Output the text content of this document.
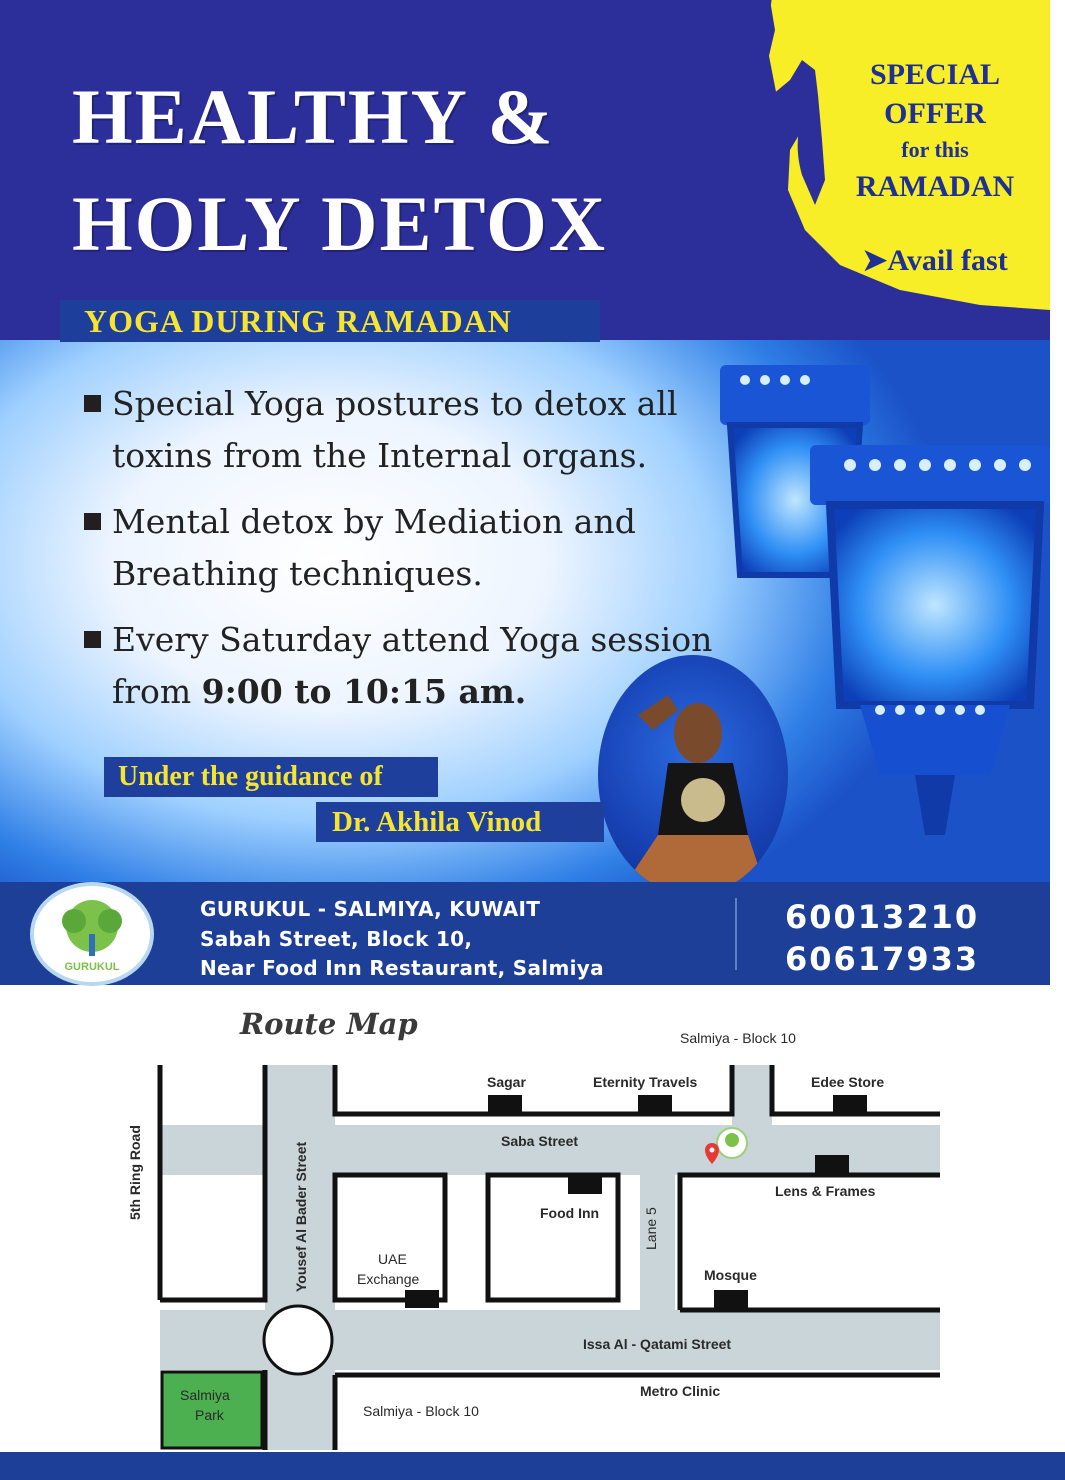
HEALTHY &
HOLY DETOX
SPECIAL
OFFER
for this
RAMADAN
➤Avail fast
YOGA DURING RAMADAN
Special Yoga postures to detox all
toxins from the Internal organs.
Mental detox by Mediation and
Breathing techniques.
Every Saturday attend Yoga session
from 9:00 to 10:15 am.
Under the guidance of
Dr. Akhila Vinod
GURUKUL
GURUKUL - SALMIYA, KUWAIT
Sabah Street, Block 10,
Near Food Inn Restaurant, Salmiya
60013210
60617933
Route Map	Salmiya - Block 10
Sagar	Eternity Travels	Edee Store
Saba Street
Lens & Frames
5th Ring Road	Yousef Al Bader Street	Food Inn	Lane 5
UAE
Exchange	Mosque
Issa Al - Qatami Street
Metro Clinic
Salmiya - Block 10
Salmiya
Park
